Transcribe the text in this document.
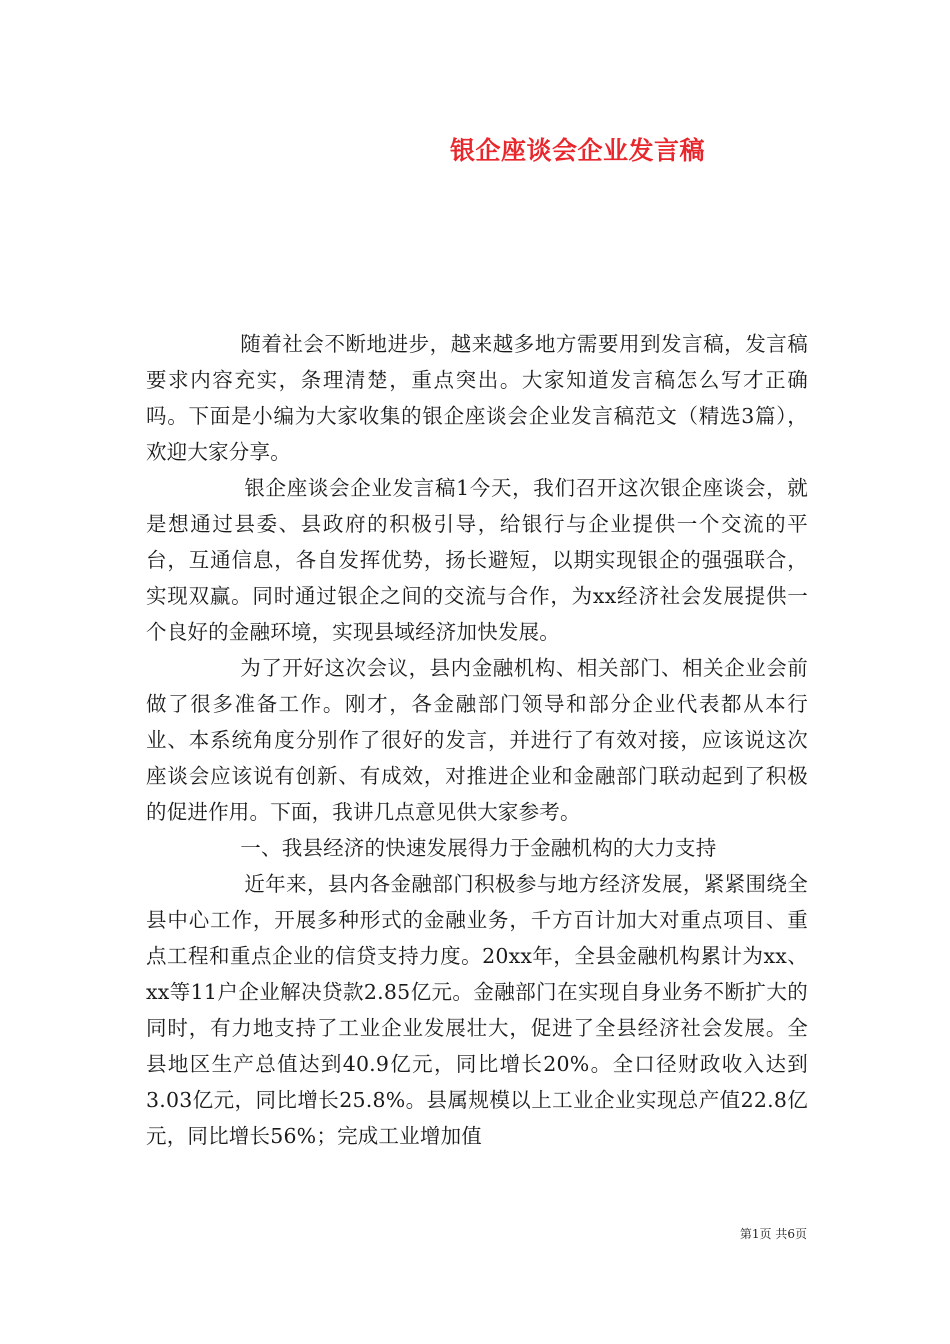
银企座谈会企业发言稿

随着社会不断地进步，越来越多地方需要用到发言稿，发言稿要求内容充实，条理清楚，重点突出。大家知道发言稿怎么写才正确吗。下面是小编为大家收集的银企座谈会企业发言稿范文（精选3篇），欢迎大家分享。

银企座谈会企业发言稿1今天，我们召开这次银企座谈会，就是想通过县委、县政府的积极引导，给银行与企业提供一个交流的平台，互通信息，各自发挥优势，扬长避短，以期实现银企的强强联合，实现双赢。同时通过银企之间的交流与合作，为xx经济社会发展提供一个良好的金融环境，实现县域经济加快发展。

为了开好这次会议，县内金融机构、相关部门、相关企业会前做了很多准备工作。刚才，各金融部门领导和部分企业代表都从本行业、本系统角度分别作了很好的发言，并进行了有效对接，应该说这次座谈会应该说有创新、有成效，对推进企业和金融部门联动起到了积极的促进作用。下面，我讲几点意见供大家参考。

一、我县经济的快速发展得力于金融机构的大力支持

近年来，县内各金融部门积极参与地方经济发展，紧紧围绕全县中心工作，开展多种形式的金融业务，千方百计加大对重点项目、重点工程和重点企业的信贷支持力度。20xx年，全县金融机构累计为xx、xx等11户企业解决贷款2.85亿元。金融部门在实现自身业务不断扩大的同时，有力地支持了工业企业发展壮大，促进了全县经济社会发展。全县地区生产总值达到40.9亿元，同比增长20%。全口径财政收入达到3.03亿元，同比增长25.8%。县属规模以上工业企业实现总产值22.8亿元，同比增长56%；完成工业增加值

第1页 共6页
